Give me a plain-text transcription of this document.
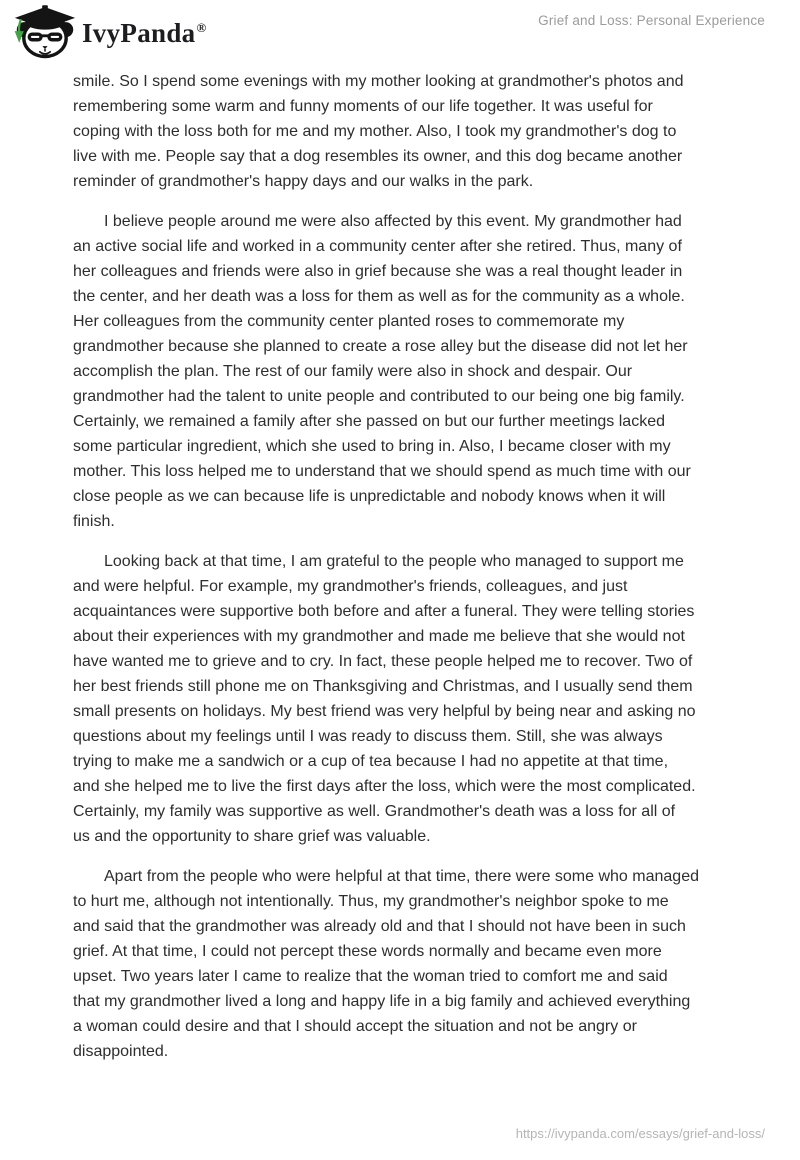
IvyPanda®	Grief and Loss: Personal Experience

smile. So I spend some evenings with my mother looking at grandmother's photos and
remembering some warm and funny moments of our life together. It was useful for
coping with the loss both for me and my mother. Also, I took my grandmother's dog to
live with me. People say that a dog resembles its owner, and this dog became another
reminder of grandmother's happy days and our walks in the park.

I believe people around me were also affected by this event. My grandmother had
an active social life and worked in a community center after she retired. Thus, many of
her colleagues and friends were also in grief because she was a real thought leader in
the center, and her death was a loss for them as well as for the community as a whole.
Her colleagues from the community center planted roses to commemorate my
grandmother because she planned to create a rose alley but the disease did not let her
accomplish the plan. The rest of our family were also in shock and despair. Our
grandmother had the talent to unite people and contributed to our being one big family.
Certainly, we remained a family after she passed on but our further meetings lacked
some particular ingredient, which she used to bring in. Also, I became closer with my
mother. This loss helped me to understand that we should spend as much time with our
close people as we can because life is unpredictable and nobody knows when it will
finish.

Looking back at that time, I am grateful to the people who managed to support me
and were helpful. For example, my grandmother's friends, colleagues, and just
acquaintances were supportive both before and after a funeral. They were telling stories
about their experiences with my grandmother and made me believe that she would not
have wanted me to grieve and to cry. In fact, these people helped me to recover. Two of
her best friends still phone me on Thanksgiving and Christmas, and I usually send them
small presents on holidays. My best friend was very helpful by being near and asking no
questions about my feelings until I was ready to discuss them. Still, she was always
trying to make me a sandwich or a cup of tea because I had no appetite at that time,
and she helped me to live the first days after the loss, which were the most complicated.
Certainly, my family was supportive as well. Grandmother's death was a loss for all of
us and the opportunity to share grief was valuable.

Apart from the people who were helpful at that time, there were some who managed
to hurt me, although not intentionally. Thus, my grandmother's neighbor spoke to me
and said that the grandmother was already old and that I should not have been in such
grief. At that time, I could not percept these words normally and became even more
upset. Two years later I came to realize that the woman tried to comfort me and said
that my grandmother lived a long and happy life in a big family and achieved everything
a woman could desire and that I should accept the situation and not be angry or
disappointed.

https://ivypanda.com/essays/grief-and-loss/
